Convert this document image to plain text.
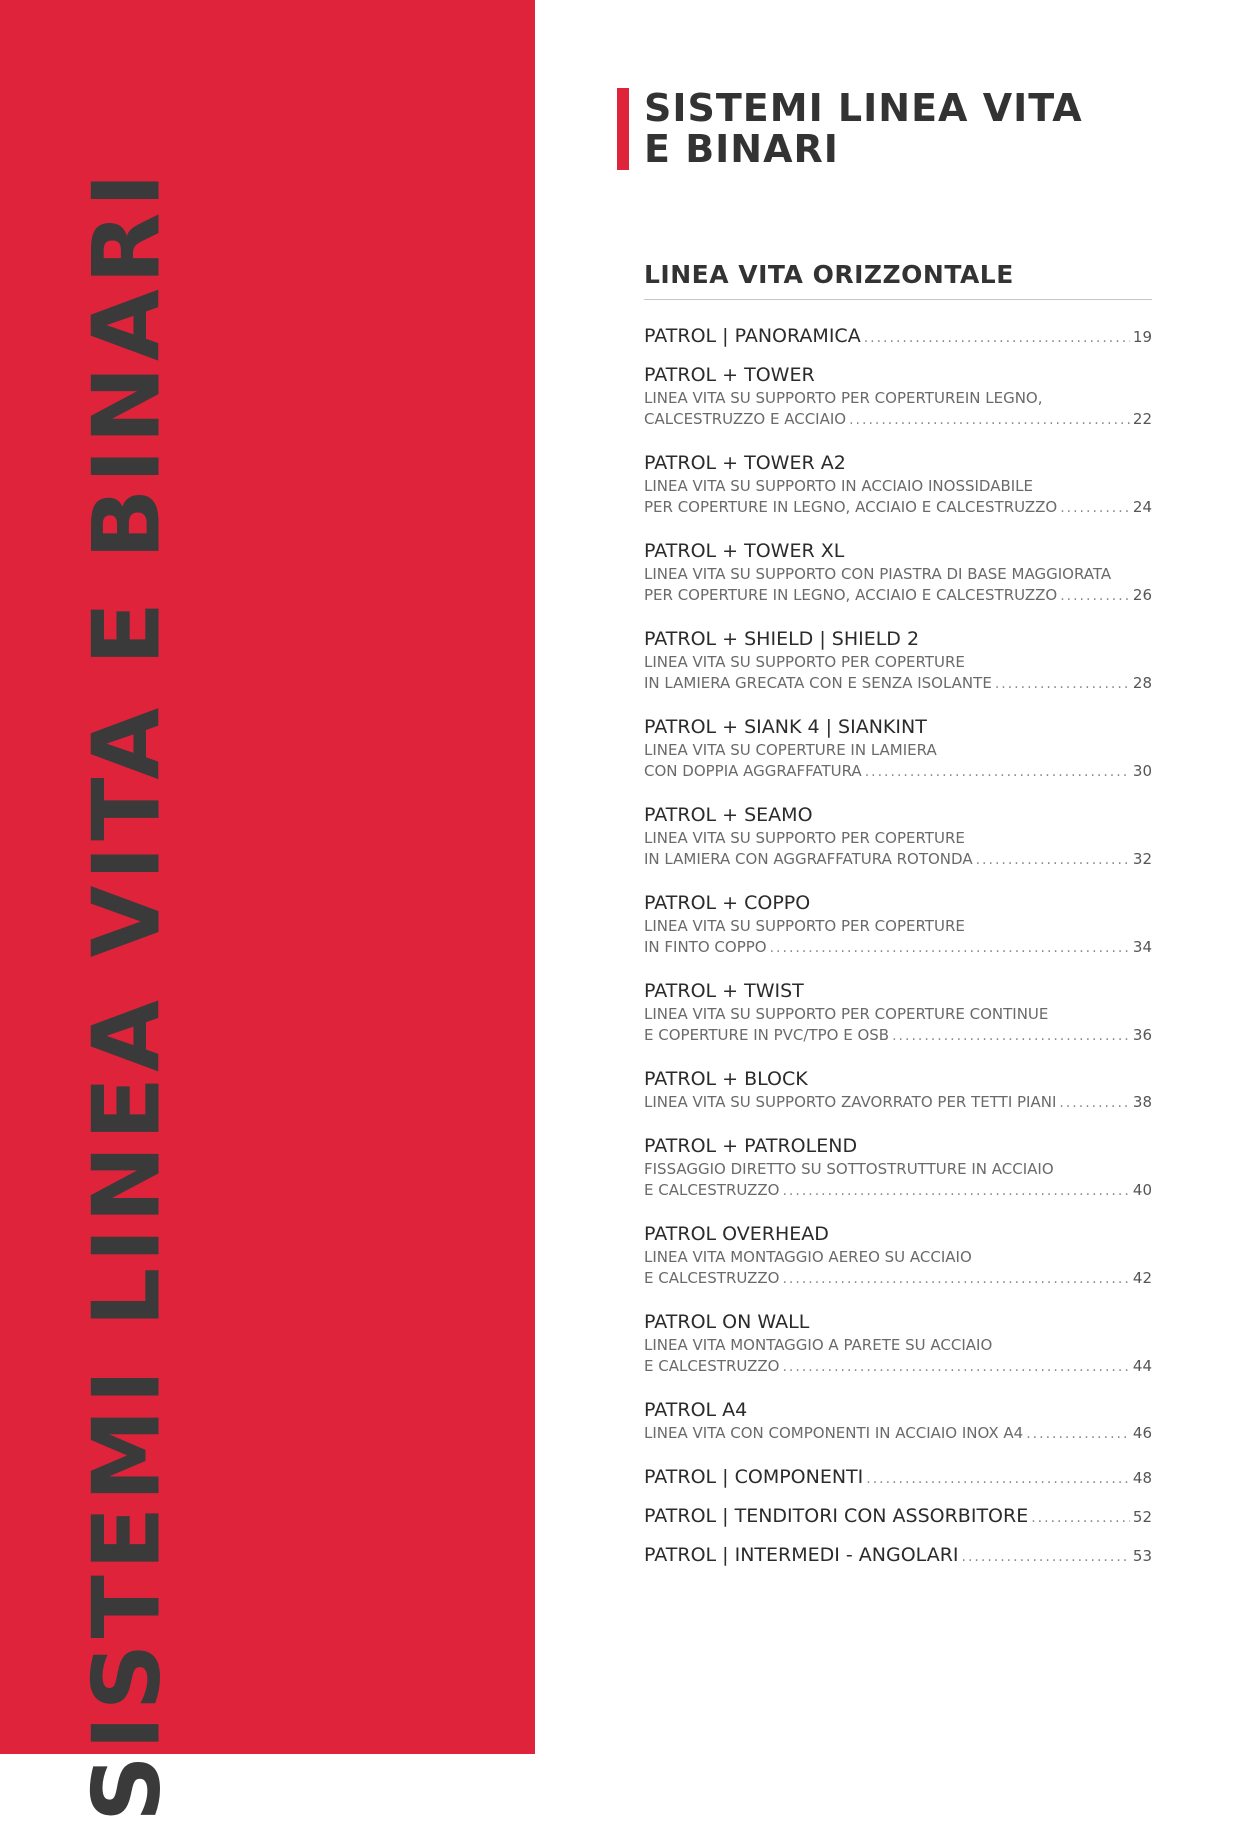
SISTEMI LINEA VITA E BINARI
SISTEMI LINEA VITA
E BINARI
LINEA VITA ORIZZONTALE
PATROL | PANORAMICA .....	19
PATROL + TOWER
LINEA VITA SU SUPPORTO PER COPERTUREIN LEGNO,
CALCESTRUZZO E ACCIAIO .....	22
PATROL + TOWER A2
LINEA VITA SU SUPPORTO IN ACCIAIO INOSSIDABILE
PER COPERTURE IN LEGNO, ACCIAIO E CALCESTRUZZO .....	24
PATROL + TOWER XL
LINEA VITA SU SUPPORTO CON PIASTRA DI BASE MAGGIORATA
PER COPERTURE IN LEGNO, ACCIAIO E CALCESTRUZZO .....	26
PATROL + SHIELD | SHIELD 2
LINEA VITA SU SUPPORTO PER COPERTURE
IN LAMIERA GRECATA CON E SENZA ISOLANTE .....	28
PATROL + SIANK 4 | SIANKINT
LINEA VITA SU COPERTURE IN LAMIERA
CON DOPPIA AGGRAFFATURA .....	30
PATROL + SEAMO
LINEA VITA SU SUPPORTO PER COPERTURE
IN LAMIERA CON AGGRAFFATURA ROTONDA .....	32
PATROL + COPPO
LINEA VITA SU SUPPORTO PER COPERTURE
IN FINTO COPPO .....	34
PATROL + TWIST
LINEA VITA SU SUPPORTO PER COPERTURE CONTINUE
E COPERTURE IN PVC/TPO E OSB .....	36
PATROL + BLOCK
LINEA VITA SU SUPPORTO ZAVORRATO PER TETTI PIANI .....	38
PATROL + PATROLEND
FISSAGGIO DIRETTO SU SOTTOSTRUTTURE IN ACCIAIO
E CALCESTRUZZO .....	40
PATROL OVERHEAD
LINEA VITA MONTAGGIO AEREO SU ACCIAIO
E CALCESTRUZZO .....	42
PATROL ON WALL
LINEA VITA MONTAGGIO A PARETE SU ACCIAIO
E CALCESTRUZZO .....	44
PATROL A4
LINEA VITA CON COMPONENTI IN ACCIAIO INOX A4 .....	46
PATROL | COMPONENTI .....	48
PATROL | TENDITORI CON ASSORBITORE .....	52
PATROL | INTERMEDI - ANGOLARI .....	53
